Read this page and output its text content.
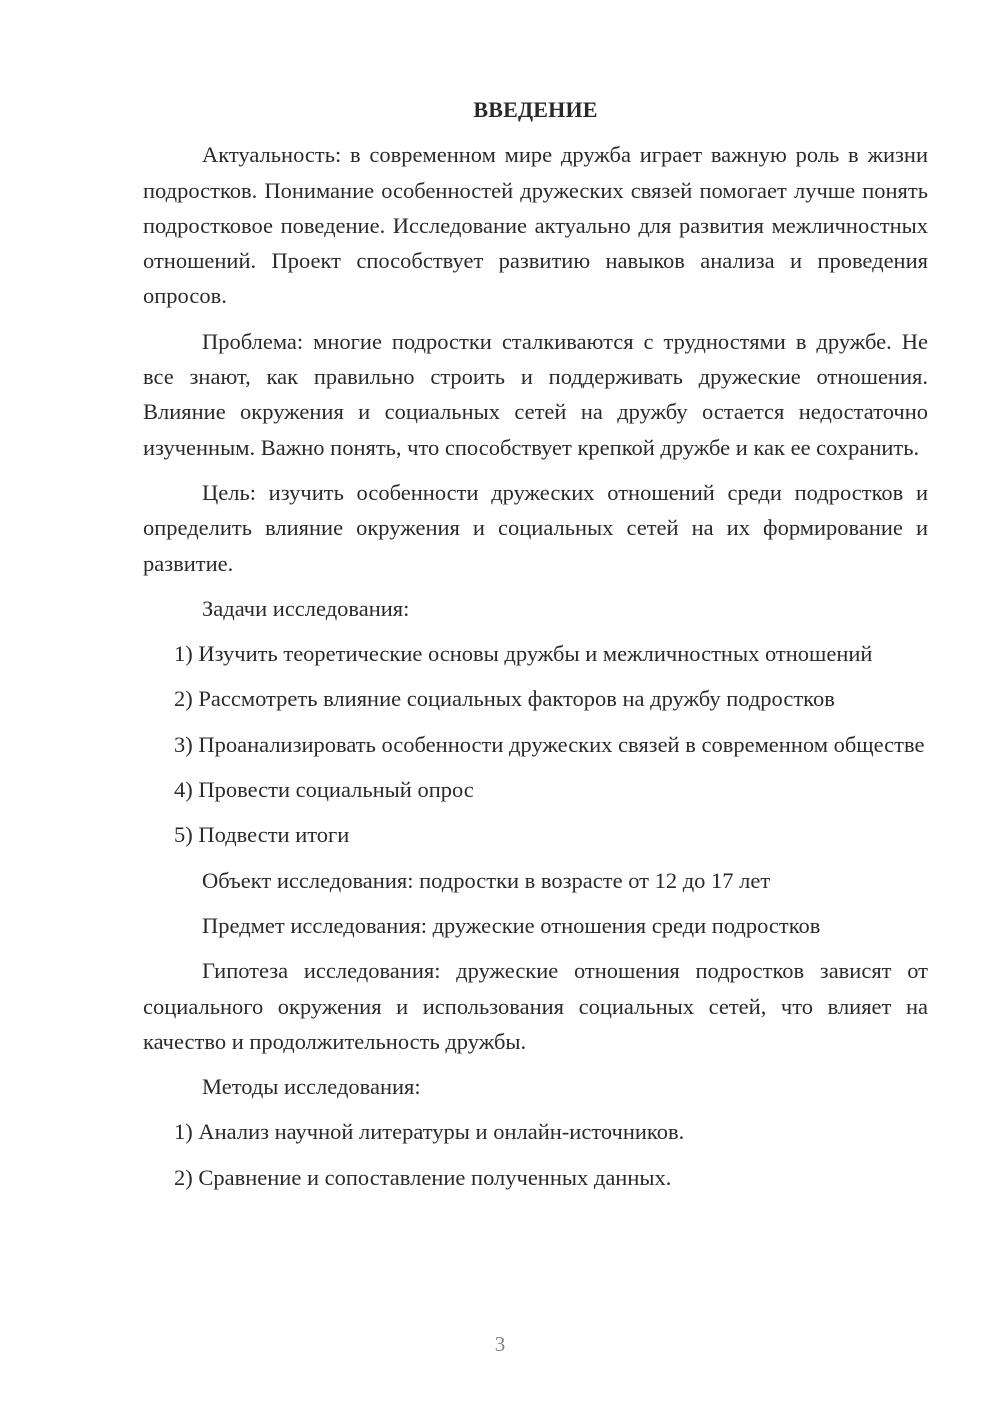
ВВЕДЕНИЕ

Актуальность: в современном мире дружба играет важную роль в жизни подростков. Понимание особенностей дружеских связей помогает лучше понять подростковое поведение. Исследование актуально для развития межличностных отношений. Проект способствует развитию навыков анализа и проведения опросов.

Проблема: многие подростки сталкиваются с трудностями в дружбе. Не все знают, как правильно строить и поддерживать дружеские отношения. Влияние окружения и социальных сетей на дружбу остается недостаточно изученным. Важно понять, что способствует крепкой дружбе и как ее сохранить.

Цель: изучить особенности дружеских отношений среди подростков и определить влияние окружения и социальных сетей на их формирование и развитие.

Задачи исследования:

1) Изучить теоретические основы дружбы и межличностных отношений

2) Рассмотреть влияние социальных факторов на дружбу подростков

3) Проанализировать особенности дружеских связей в современном обществе

4) Провести социальный опрос

5) Подвести итоги

Объект исследования: подростки в возрасте от 12 до 17 лет

Предмет исследования: дружеские отношения среди подростков

Гипотеза исследования: дружеские отношения подростков зависят от социального окружения и использования социальных сетей, что влияет на качество и продолжительность дружбы.

Методы исследования:

1) Анализ научной литературы и онлайн-источников.

2) Сравнение и сопоставление полученных данных.

3
